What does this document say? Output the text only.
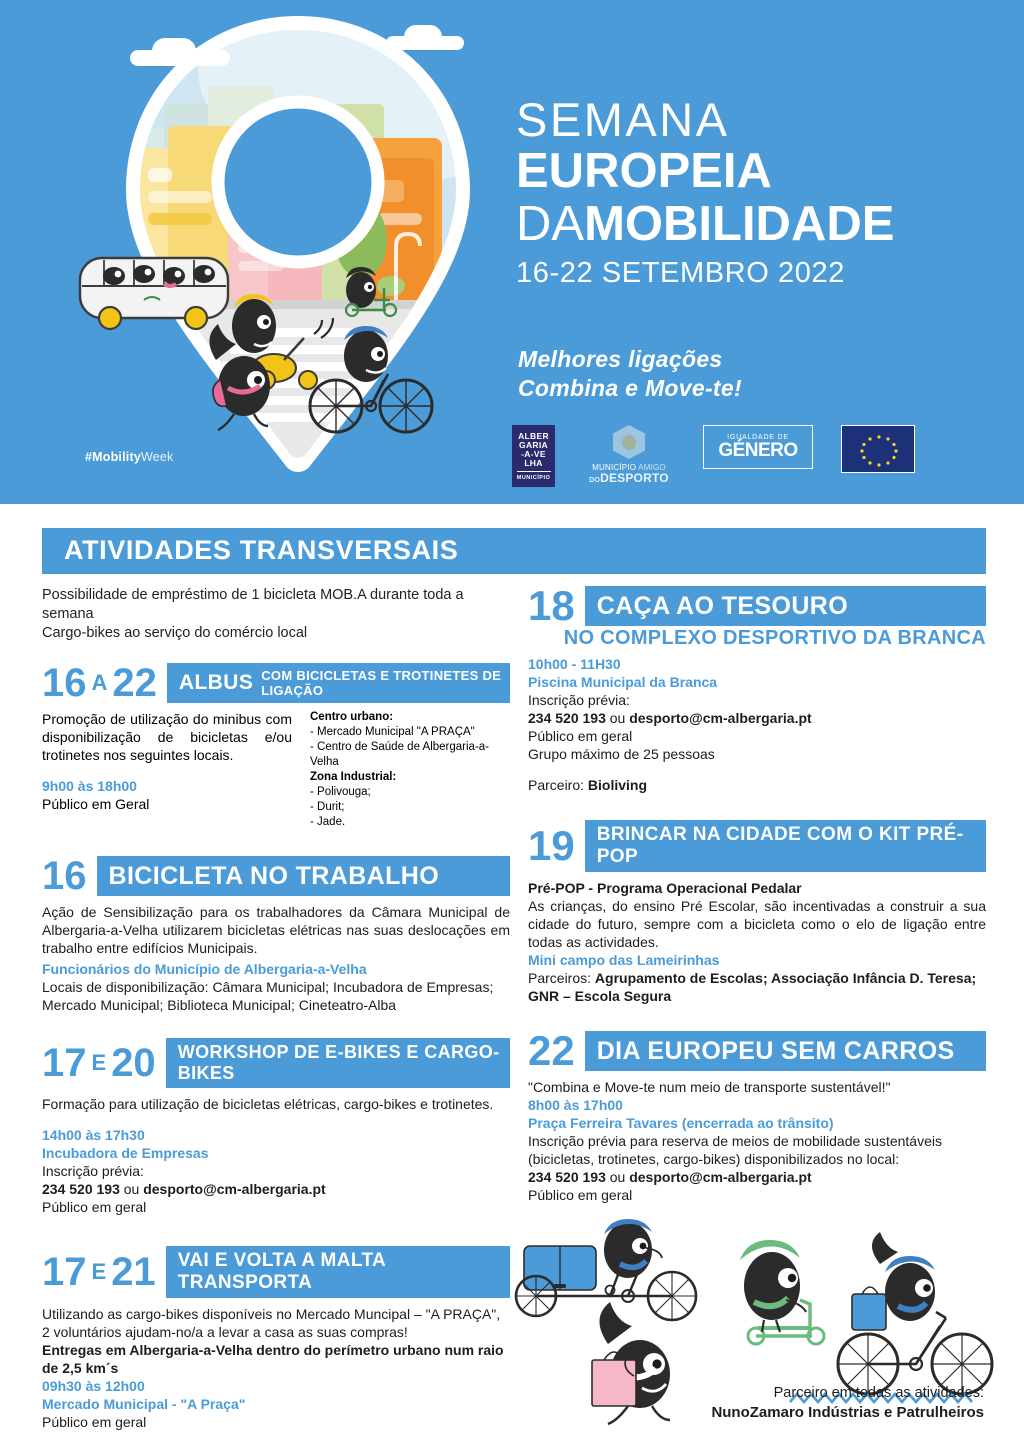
#MobilityWeek
SEMANA
EUROPEIA
DAMOBILIDADE
16-22 SETEMBRO 2022
Melhores ligações
Combina e Move-te!
ALBER
GARIA
-A-VE
LHA
MUNICÍPIO
MUNICÍPIO AMIGO
DODESPORTO
IGUALDADE DE
GÉNERO
ATIVIDADES TRANSVERSAIS
Possibilidade de empréstimo de 1 bicicleta MOB.A durante toda a semana
Cargo-bikes ao serviço do comércio local
16 A 22 ALBUS COM BICICLETAS E TROTINETES DE LIGAÇÃO

Promoção de utilização do minibus com disponibilização de bicicletas e/ou trotinetes nos seguintes locais.

9h00 às 18h00

Público em Geral

Centro urbano:
- Mercado Municipal "A PRAÇA"
- Centro de Saúde de Albergaria-a-Velha
Zona Industrial:
- Polivouga;
- Durit;
- Jade.
16 BICICLETA NO TRABALHO

Ação de Sensibilização para os trabalhadores da Câmara Municipal de Albergaria-a-Velha utilizarem bicicletas elétricas nas suas deslocações em trabalho entre edifícios Municipais.

Funcionários do Município de Albergaria-a-Velha

Locais de disponibilização: Câmara Municipal; Incubadora de Empresas; Mercado Municipal; Biblioteca Municipal; Cineteatro-Alba

17 E 20 WORKSHOP DE E-BIKES E CARGO-BIKES

Formação para utilização de bicicletas elétricas, cargo-bikes e trotinetes.

14h00 às 17h30

Incubadora de Empresas

Inscrição prévia:

234 520 193 ou desporto@cm-albergaria.pt

Público em geral

17 E 21 VAI E VOLTA A MALTA TRANSPORTA

Utilizando as cargo-bikes disponíveis no Mercado Muncipal – "A PRAÇA", 2 voluntários ajudam-no/a a levar a casa as suas compras!

Entregas em Albergaria-a-Velha dentro do perímetro urbano num raio de 2,5 km´s

09h30 às 12h00

Mercado Municipal - "A Praça"

Público em geral

18 CAÇA AO TESOURO
NO COMPLEXO DESPORTIVO DA BRANCA

10h00 - 11H30

Piscina Municipal da Branca

Inscrição prévia:

234 520 193 ou desporto@cm-albergaria.pt

Público em geral

Grupo máximo de 25 pessoas

Parceiro: Bioliving

19 BRINCAR NA CIDADE COM O KIT PRÉ-POP

Pré-POP - Programa Operacional Pedalar

As crianças, do ensino Pré Escolar, são incentivadas a construir a sua cidade do futuro, sempre com a bicicleta como o elo de ligação entre todas as actividades.

Mini campo das Lameirinhas

Parceiros: Agrupamento de Escolas; Associação Infância D. Teresa; GNR – Escola Segura

22 DIA EUROPEU SEM CARROS

"Combina e Move-te num meio de transporte sustentável!"

8h00 às 17h00

Praça Ferreira Tavares (encerrada ao trânsito)

Inscrição prévia para reserva de meios de mobilidade sustentáveis (bicicletas, trotinetes, cargo-bikes) disponibilizados no local:

234 520 193 ou desporto@cm-albergaria.pt

Público em geral

Parceiro em todas as atividades:
NunoZamaro Indústrias e Patrulheiros
